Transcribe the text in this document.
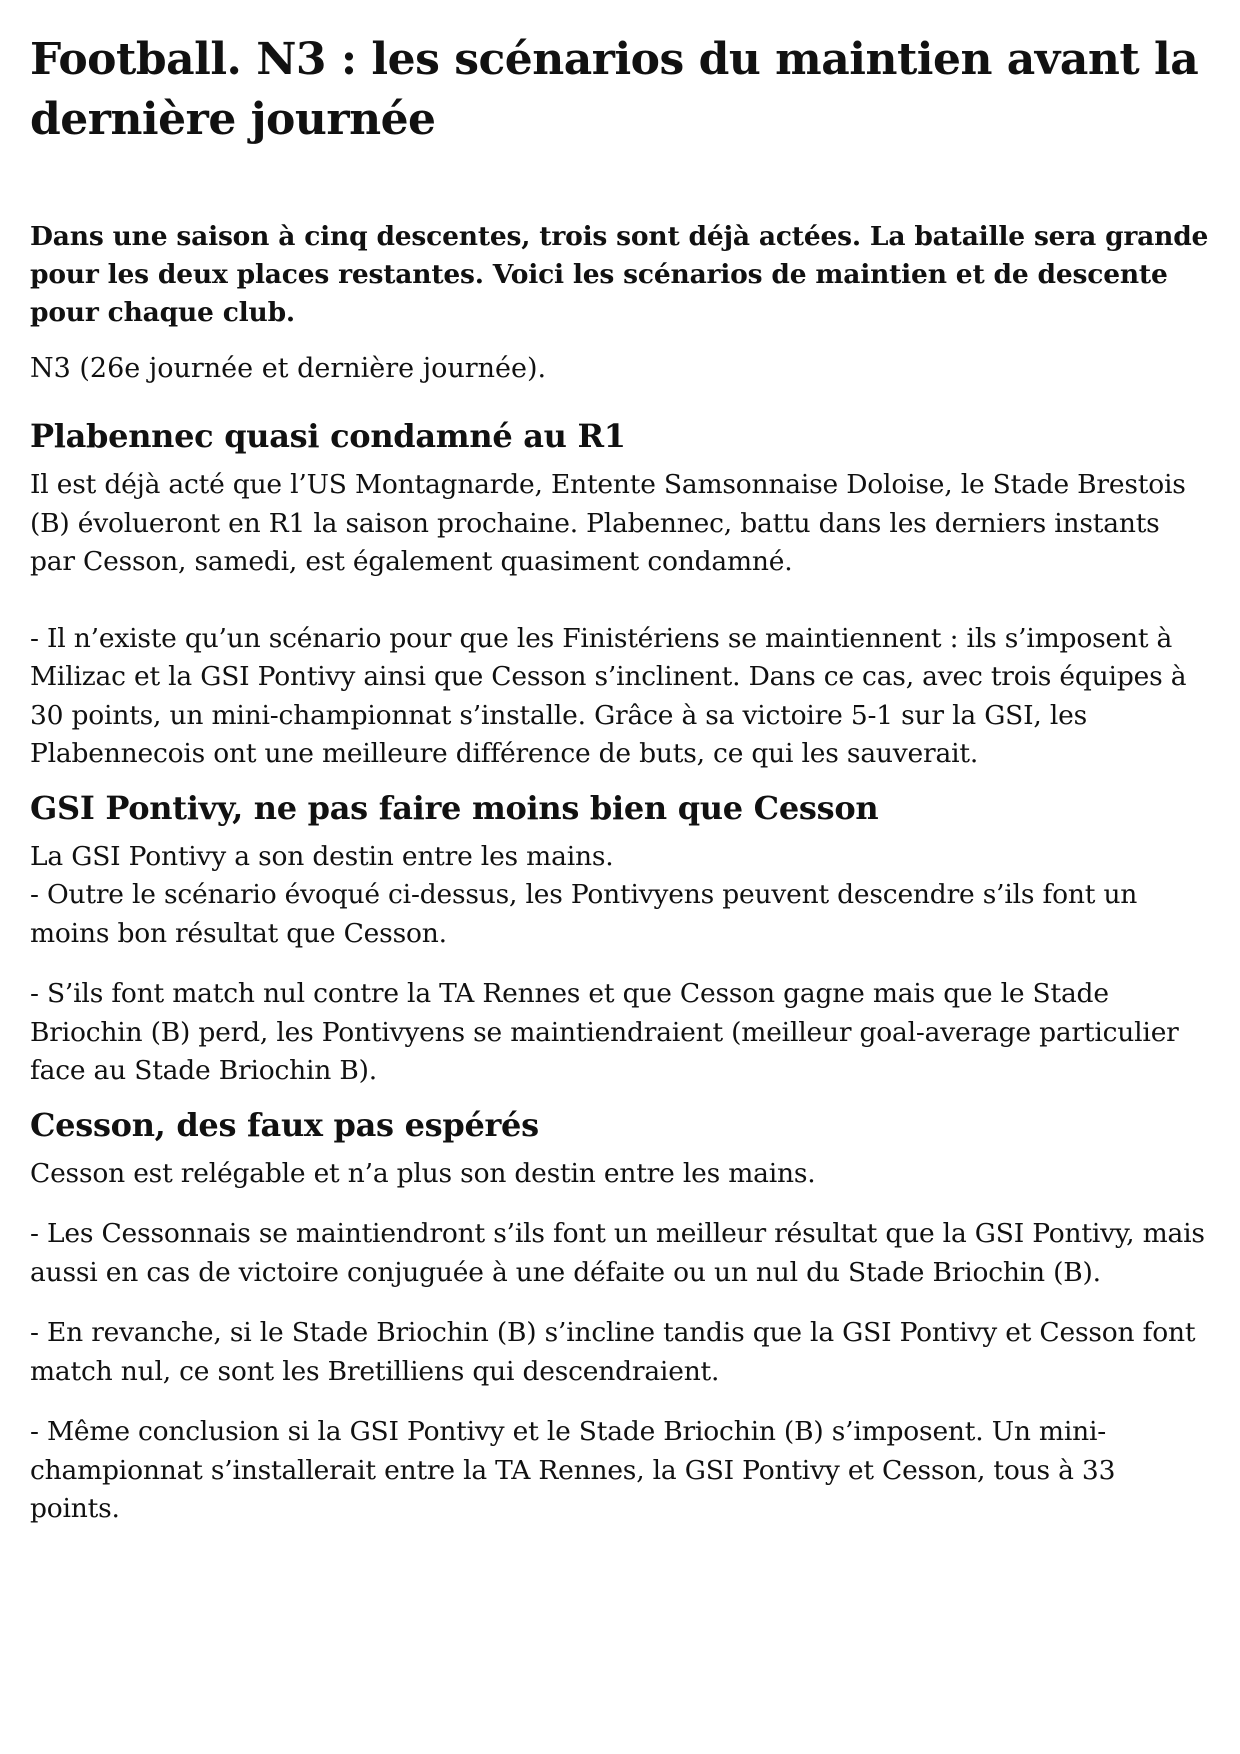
Football. N3 : les scénarios du maintien avant la dernière journée

Dans une saison à cinq descentes, trois sont déjà actées. La bataille sera grande pour les deux places restantes. Voici les scénarios de maintien et de descente pour chaque club.

N3 (26e journée et dernière journée).

Plabennec quasi condamné au R1

Il est déjà acté que l’US Montagnarde, Entente Samsonnaise Doloise, le Stade Brestois (B) évolueront en R1 la saison prochaine. Plabennec, battu dans les derniers instants par Cesson, samedi, est également quasiment condamné.

- Il n’existe qu’un scénario pour que les Finistériens se maintiennent : ils s’imposent à Milizac et la GSI Pontivy ainsi que Cesson s’inclinent. Dans ce cas, avec trois équipes à 30 points, un mini-championnat s’installe. Grâce à sa victoire 5-1 sur la GSI, les Plabennecois ont une meilleure différence de buts, ce qui les sauverait.

GSI Pontivy, ne pas faire moins bien que Cesson

La GSI Pontivy a son destin entre les mains.

- Outre le scénario évoqué ci-dessus, les Pontivyens peuvent descendre s’ils font un moins bon résultat que Cesson.

- S’ils font match nul contre la TA Rennes et que Cesson gagne mais que le Stade Briochin (B) perd, les Pontivyens se maintiendraient (meilleur goal-average particulier face au Stade Briochin B).

Cesson, des faux pas espérés

Cesson est relégable et n’a plus son destin entre les mains.

- Les Cessonnais se maintiendront s’ils font un meilleur résultat que la GSI Pontivy, mais aussi en cas de victoire conjuguée à une défaite ou un nul du Stade Briochin (B).

- En revanche, si le Stade Briochin (B) s’incline tandis que la GSI Pontivy et Cesson font match nul, ce sont les Bretilliens qui descendraient.

- Même conclusion si la GSI Pontivy et le Stade Briochin (B) s’imposent. Un mini-championnat s’installerait entre la TA Rennes, la GSI Pontivy et Cesson, tous à 33 points.
